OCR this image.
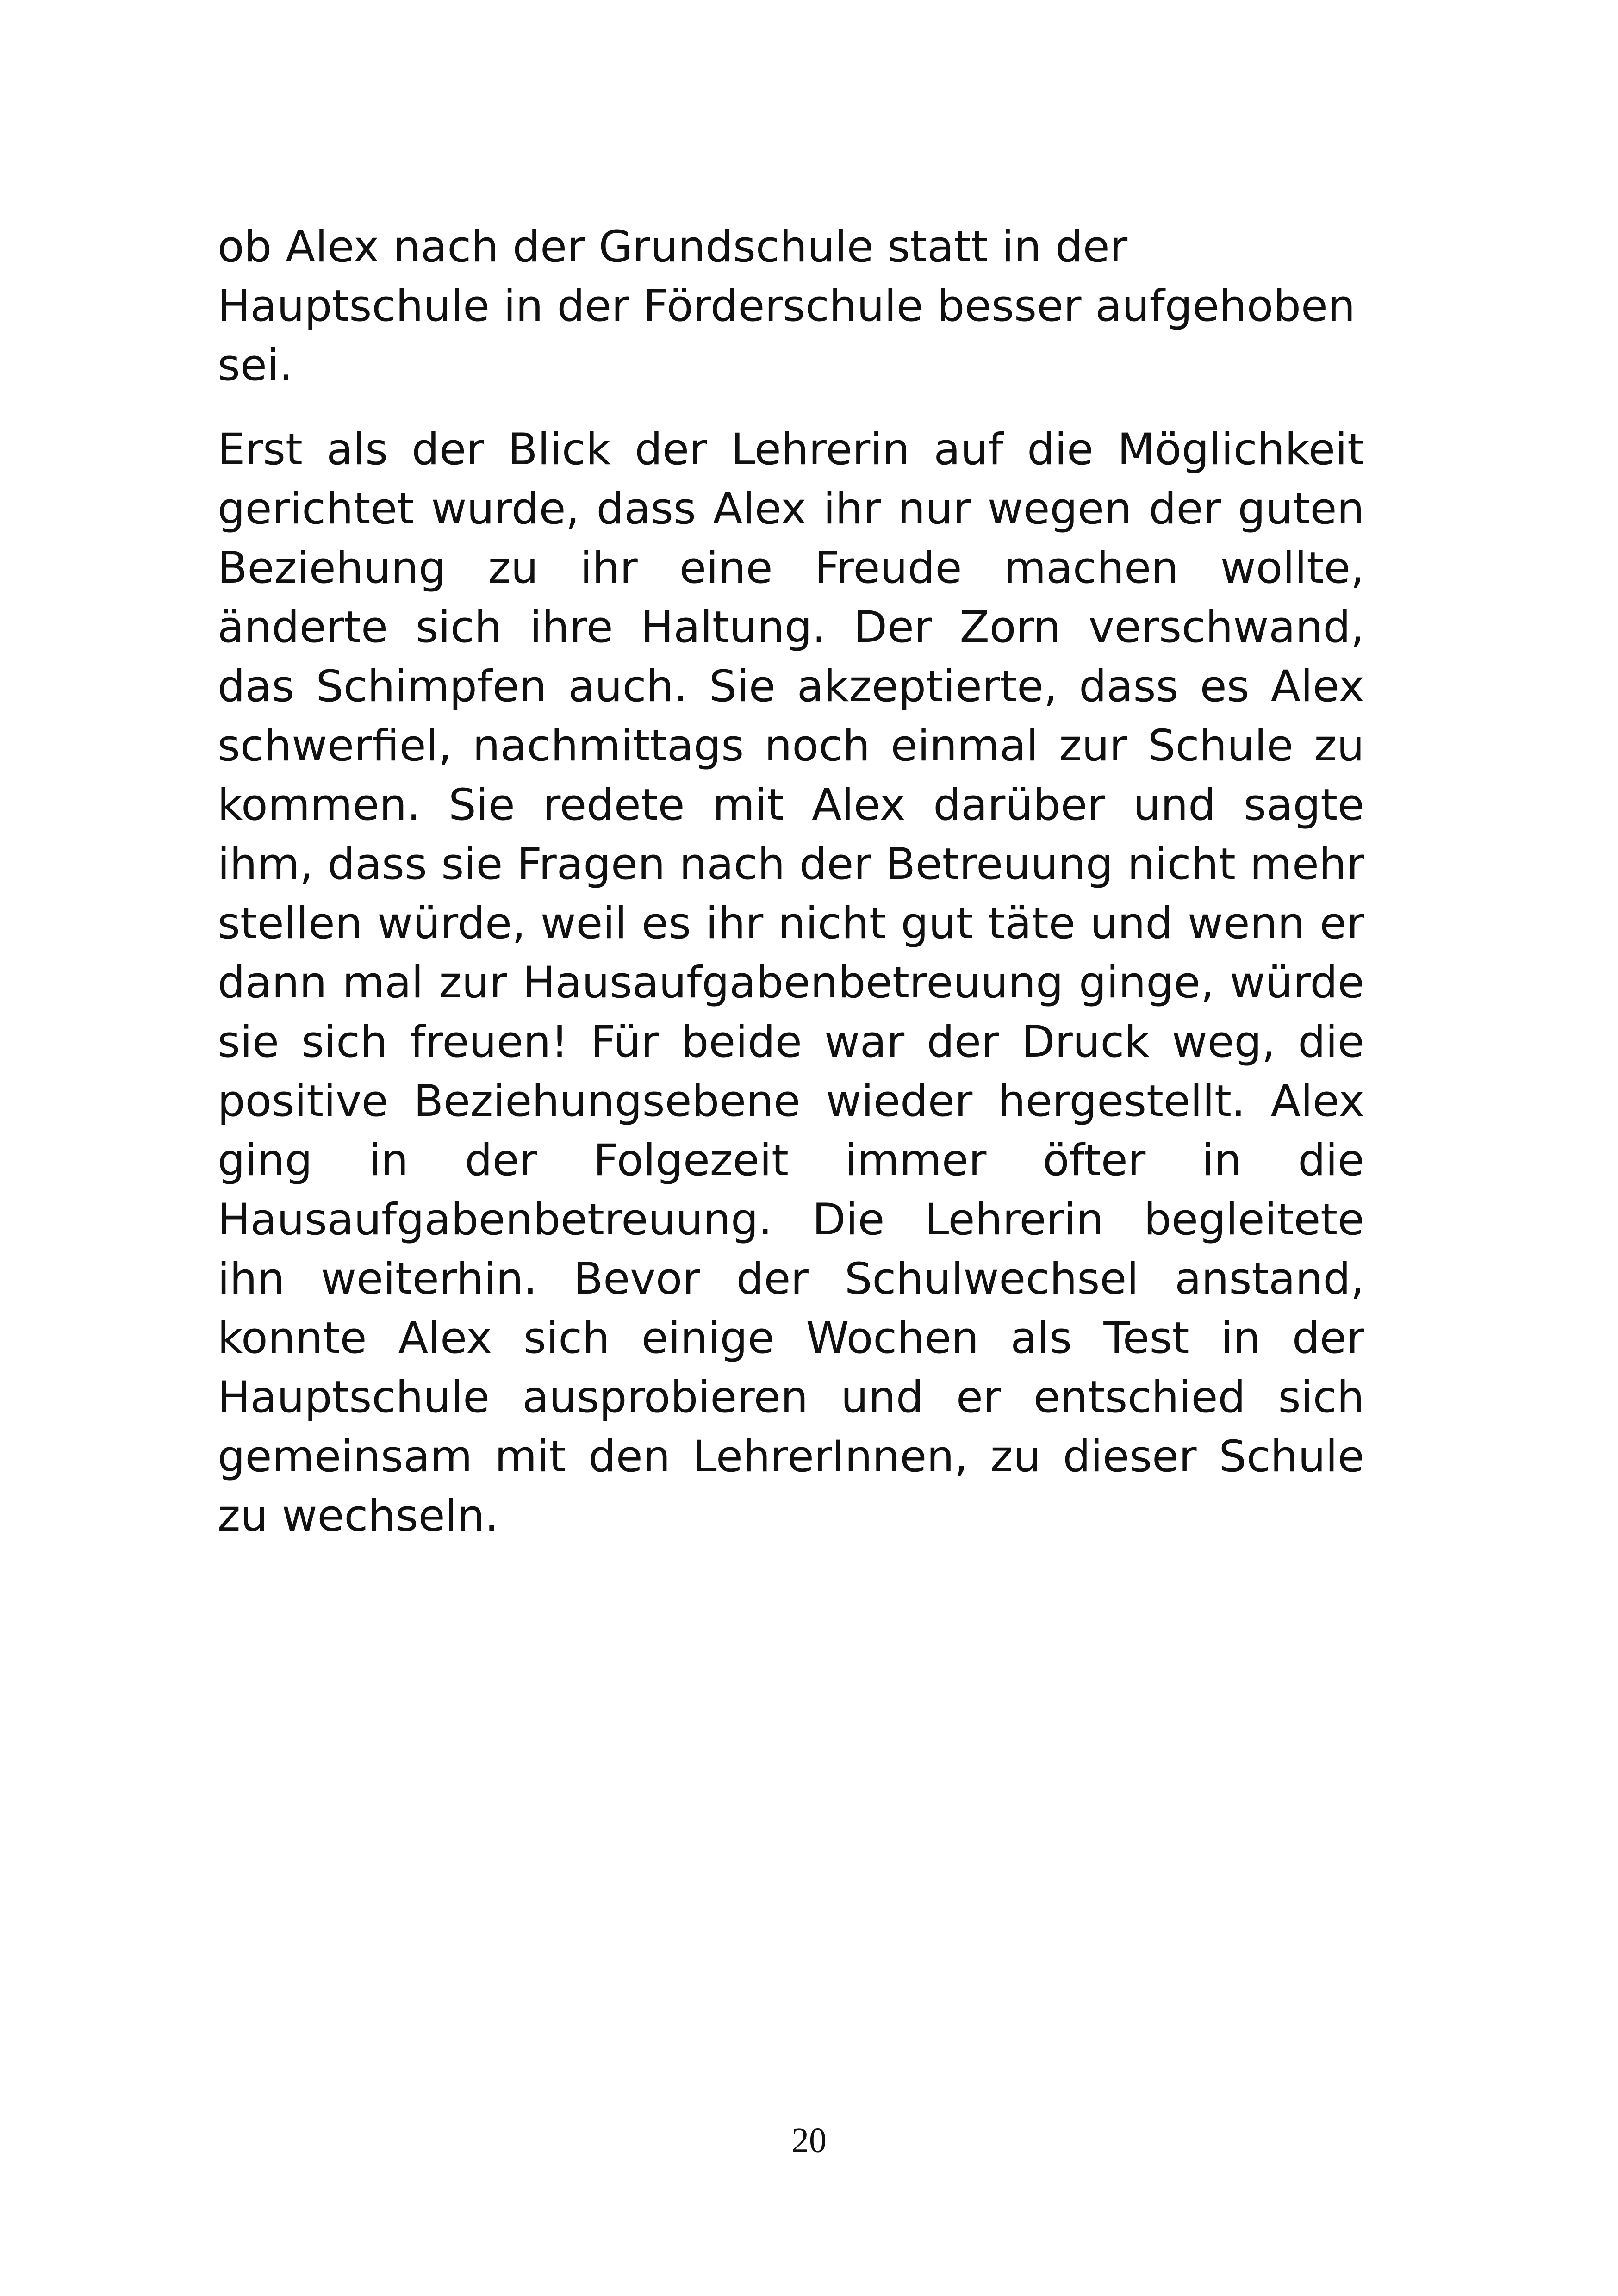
ob Alex nach der Grundschule statt in der Hauptschule in der Förderschule besser aufgehoben sei.

Erst als der Blick der Lehrerin auf die Möglichkeit gerichtet wurde, dass Alex ihr nur wegen der guten Beziehung zu ihr eine Freude machen wollte, änderte sich ihre Haltung. Der Zorn verschwand, das Schimpfen auch. Sie akzeptierte, dass es Alex schwerfiel, nachmittags noch einmal zur Schule zu kommen. Sie redete mit Alex darüber und sagte ihm, dass sie Fragen nach der Betreuung nicht mehr stellen würde, weil es ihr nicht gut täte und wenn er dann mal zur Hausaufgabenbetreuung ginge, würde sie sich freuen! Für beide war der Druck weg, die positive Beziehungsebene wieder hergestellt. Alex ging in der Folgezeit immer öfter in die Hausaufgabenbetreuung. Die Lehrerin begleitete ihn weiterhin. Bevor der Schulwechsel anstand, konnte Alex sich einige Wochen als Test in der Hauptschule ausprobieren und er entschied sich gemeinsam mit den LehrerInnen, zu dieser Schule zu wechseln.

20
